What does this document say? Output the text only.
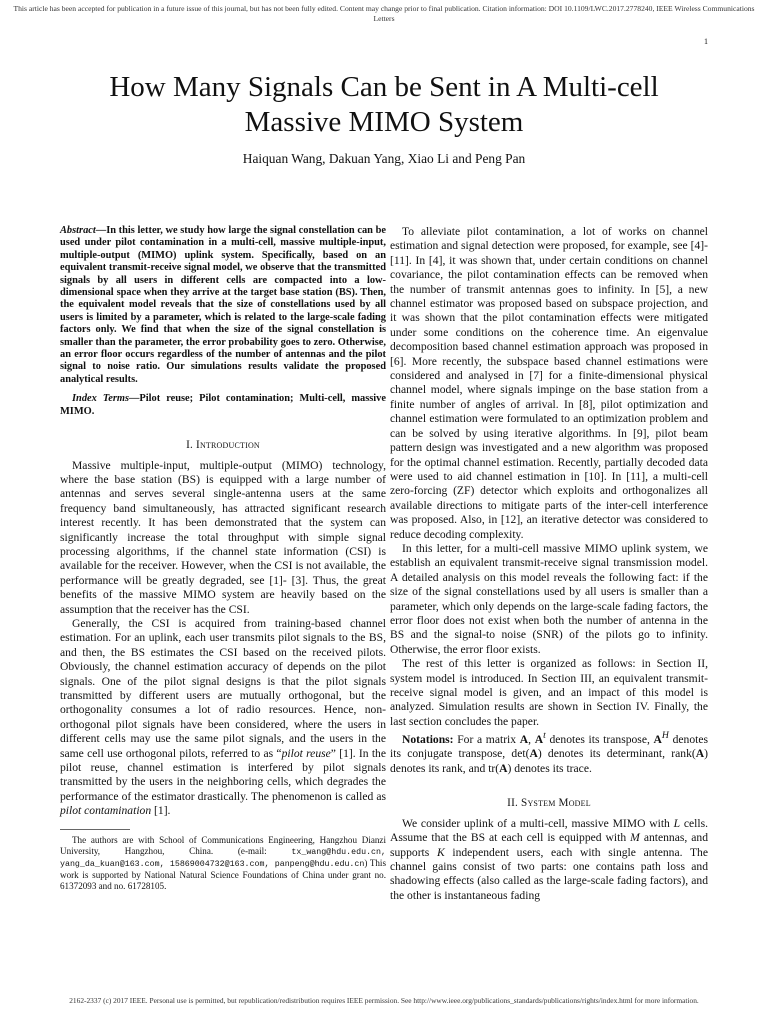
This article has been accepted for publication in a future issue of this journal, but has not been fully edited. Content may change prior to final publication. Citation information: DOI 10.1109/LWC.2017.2778240, IEEE Wireless Communications Letters
1
How Many Signals Can be Sent in A Multi-cell
Massive MIMO System
Haiquan Wang, Dakuan Yang, Xiao Li and Peng Pan

Abstract—In this letter, we study how large the signal constellation can be used under pilot contamination in a multi-cell, massive multiple-input, multiple-output (MIMO) uplink system. Specifically, based on an equivalent transmit-receive signal model, we observe that the transmitted signals by all users in different cells are compacted into a low-dimensional space when they arrive at the target base station (BS). Then, the equivalent model reveals that the size of constellations used by all users is limited by a parameter, which is related to the large-scale fading factors only. We find that when the size of the signal constellation is smaller than the parameter, the error probability goes to zero. Otherwise, an error floor occurs regardless of the number of antennas and the pilot signal to noise ratio. Our simulations results validate the proposed analytical results.

Index Terms—Pilot reuse; Pilot contamination; Multi-cell, massive MIMO.

I. Introduction

Massive multiple-input, multiple-output (MIMO) technology, where the base station (BS) is equipped with a large number of antennas and serves several single-antenna users at the same frequency band simultaneously, has attracted significant research interest recently. It has been demonstrated that the system can significantly increase the total throughput with simple signal processing algorithms, if the channel state information (CSI) is available for the receiver. However, when the CSI is not available, the performance will be greatly degraded, see [1]- [3]. Thus, the great benefits of the massive MIMO system are heavily based on the assumption that the receiver has the CSI.

Generally, the CSI is acquired from training-based channel estimation. For an uplink, each user transmits pilot signals to the BS, and then, the BS estimates the CSI based on the received pilots. Obviously, the channel estimation accuracy of depends on the pilot signals. One of the pilot signal designs is that the pilot signals transmitted by different users are mutually orthogonal, but the orthogonality consumes a lot of radio resources. Hence, non-orthogonal pilot signals have been considered, where the users in different cells may use the same pilot signals, and the users in the same cell use orthogonal pilots, referred to as “pilot reuse” [1]. In the pilot reuse, channel estimation is interfered by pilot signals transmitted by the users in the neighboring cells, which degrades the performance of the estimator drastically. The phenomenon is called as pilot contamination [1].

The authors are with School of Communications Engineering, Hangzhou Dianzi University, Hangzhou, China. (e-mail: tx_wang@hdu.edu.cn, yang_da_kuan@163.com, 15869004732@163.com, panpeng@hdu.edu.cn) This work is supported by National Natural Science Foundations of China under grant no. 61372093 and no. 61728105.

To alleviate pilot contamination, a lot of works on channel estimation and signal detection were proposed, for example, see [4]- [11]. In [4], it was shown that, under certain conditions on channel covariance, the pilot contamination effects can be removed when the number of transmit antennas goes to infinity. In [5], a new channel estimator was proposed based on subspace projection, and it was shown that the pilot contamination effects were mitigated under some conditions on the coherence time. An eigenvalue decomposition based channel estimation approach was proposed in [6]. More recently, the subspace based channel estimations were considered and analysed in [7] for a finite-dimensional physical channel model, where signals impinge on the base station from a finite number of angles of arrival. In [8], pilot optimization and channel estimation were formulated to an optimization problem and can be solved by using iterative algorithms. In [9], pilot beam pattern design was investigated and a new algorithm was proposed for the optimal channel estimation. Recently, partially decoded data were used to aid channel estimation in [10]. In [11], a multi-cell zero-forcing (ZF) detector which exploits and orthogonalizes all available directions to mitigate parts of the inter-cell interference was proposed. Also, in [12], an iterative detector was considered to reduce decoding complexity.

In this letter, for a multi-cell massive MIMO uplink system, we establish an equivalent transmit-receive signal transmission model. A detailed analysis on this model reveals the following fact: if the size of the signal constellations used by all users is smaller than a parameter, which only depends on the large-scale fading factors, the error floor does not exist when both the number of antenna in the BS and the signal-to noise (SNR) of the pilots go to infinity. Otherwise, the error floor exists.

The rest of this letter is organized as follows: in Section II, system model is introduced. In Section III, an equivalent transmit-receive signal model is given, and an impact of this model is analyzed. Simulation results are shown in Section IV. Finally, the last section concludes the paper.

Notations: For a matrix A, $A^t$ denotes its transpose, $A^H$ denotes its conjugate transpose, det(A) denotes its determinant, rank(A) denotes its rank, and tr(A) denotes its trace.

II. System Model

We consider uplink of a multi-cell, massive MIMO with L cells. Assume that the BS at each cell is equipped with M antennas, and supports K independent users, each with single antenna. The channel gains consist of two parts: one contains path loss and shadowing effects (also called as the large-scale fading factors), and the other is instantaneous fading

2162-2337 (c) 2017 IEEE. Personal use is permitted, but republication/redistribution requires IEEE permission. See http://www.ieee.org/publications_standards/publications/rights/index.html for more information.
